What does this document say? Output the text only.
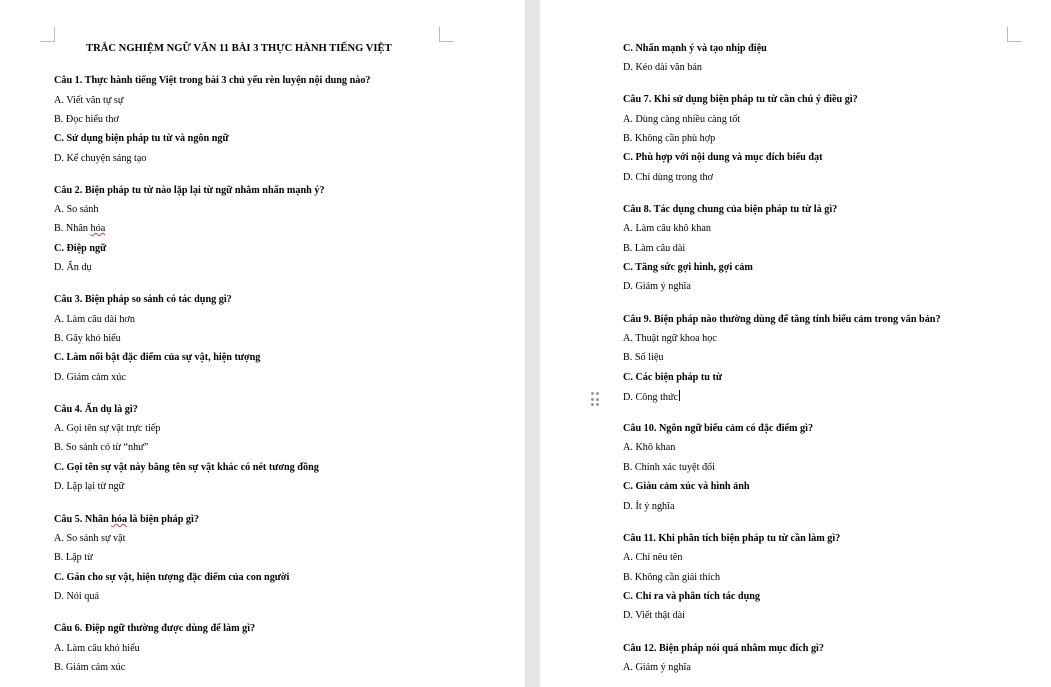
TRẮC NGHIỆM NGỮ VĂN 11 BÀI 3 THỰC HÀNH TIẾNG VIỆT
Câu 1. Thực hành tiếng Việt trong bài 3 chủ yếu rèn luyện nội dung nào?
A. Viết văn tự sự
B. Đọc hiểu thơ
C. Sử dụng biện pháp tu từ và ngôn ngữ
D. Kể chuyện sáng tạo
Câu 2. Biện pháp tu từ nào lặp lại từ ngữ nhằm nhấn mạnh ý?
A. So sánh
B. Nhân hóa
C. Điệp ngữ
D. Ẩn dụ
Câu 3. Biện pháp so sánh có tác dụng gì?
A. Làm câu dài hơn
B. Gây khó hiểu
C. Làm nổi bật đặc điểm của sự vật, hiện tượng
D. Giảm cảm xúc
Câu 4. Ẩn dụ là gì?
A. Gọi tên sự vật trực tiếp
B. So sánh có từ “như”
C. Gọi tên sự vật này bằng tên sự vật khác có nét tương đồng
D. Lặp lại từ ngữ
Câu 5. Nhân hóa là biện pháp gì?
A. So sánh sự vật
B. Lặp từ
C. Gán cho sự vật, hiện tượng đặc điểm của con người
D. Nói quá
Câu 6. Điệp ngữ thường được dùng để làm gì?
A. Làm câu khó hiểu
B. Giảm cảm xúc
C. Nhấn mạnh ý và tạo nhịp điệu
D. Kéo dài văn bản
Câu 7. Khi sử dụng biện pháp tu từ cần chú ý điều gì?
A. Dùng càng nhiều càng tốt
B. Không cần phù hợp
C. Phù hợp với nội dung và mục đích biểu đạt
D. Chỉ dùng trong thơ
Câu 8. Tác dụng chung của biện pháp tu từ là gì?
A. Làm câu khô khan
B. Làm câu dài
C. Tăng sức gợi hình, gợi cảm
D. Giảm ý nghĩa
Câu 9. Biện pháp nào thường dùng để tăng tính biểu cảm trong văn bản?
A. Thuật ngữ khoa học
B. Số liệu
C. Các biện pháp tu từ
D. Công thức
Câu 10. Ngôn ngữ biểu cảm có đặc điểm gì?
A. Khô khan
B. Chính xác tuyệt đối
C. Giàu cảm xúc và hình ảnh
D. Ít ý nghĩa
Câu 11. Khi phân tích biện pháp tu từ cần làm gì?
A. Chỉ nêu tên
B. Không cần giải thích
C. Chỉ ra và phân tích tác dụng
D. Viết thật dài
Câu 12. Biện pháp nói quá nhằm mục đích gì?
A. Giảm ý nghĩa
